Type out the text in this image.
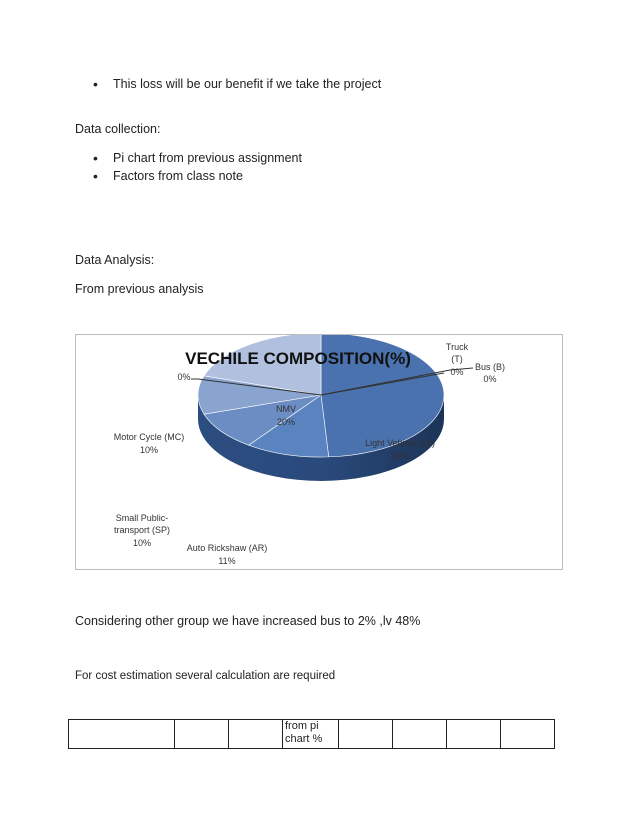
• This loss will be our benefit if we take the project
Data collection:
• Pi chart from previous assignment
• Factors from class note
Data Analysis:
From previous analysis
VECHILE COMPOSITION(%)
Light Vehicle (LV)
49%
Auto Rickshaw (AR)
11%
Small Public-
transport (SP)
10%
Motor Cycle (MC)
10%
NMV
20%
0%
Truck
(T)
0% Bus (B)
0%
Considering other group we have increased bus to 2% ,lv 48%
For cost estimation several calculation are required
			from pi chart %				
